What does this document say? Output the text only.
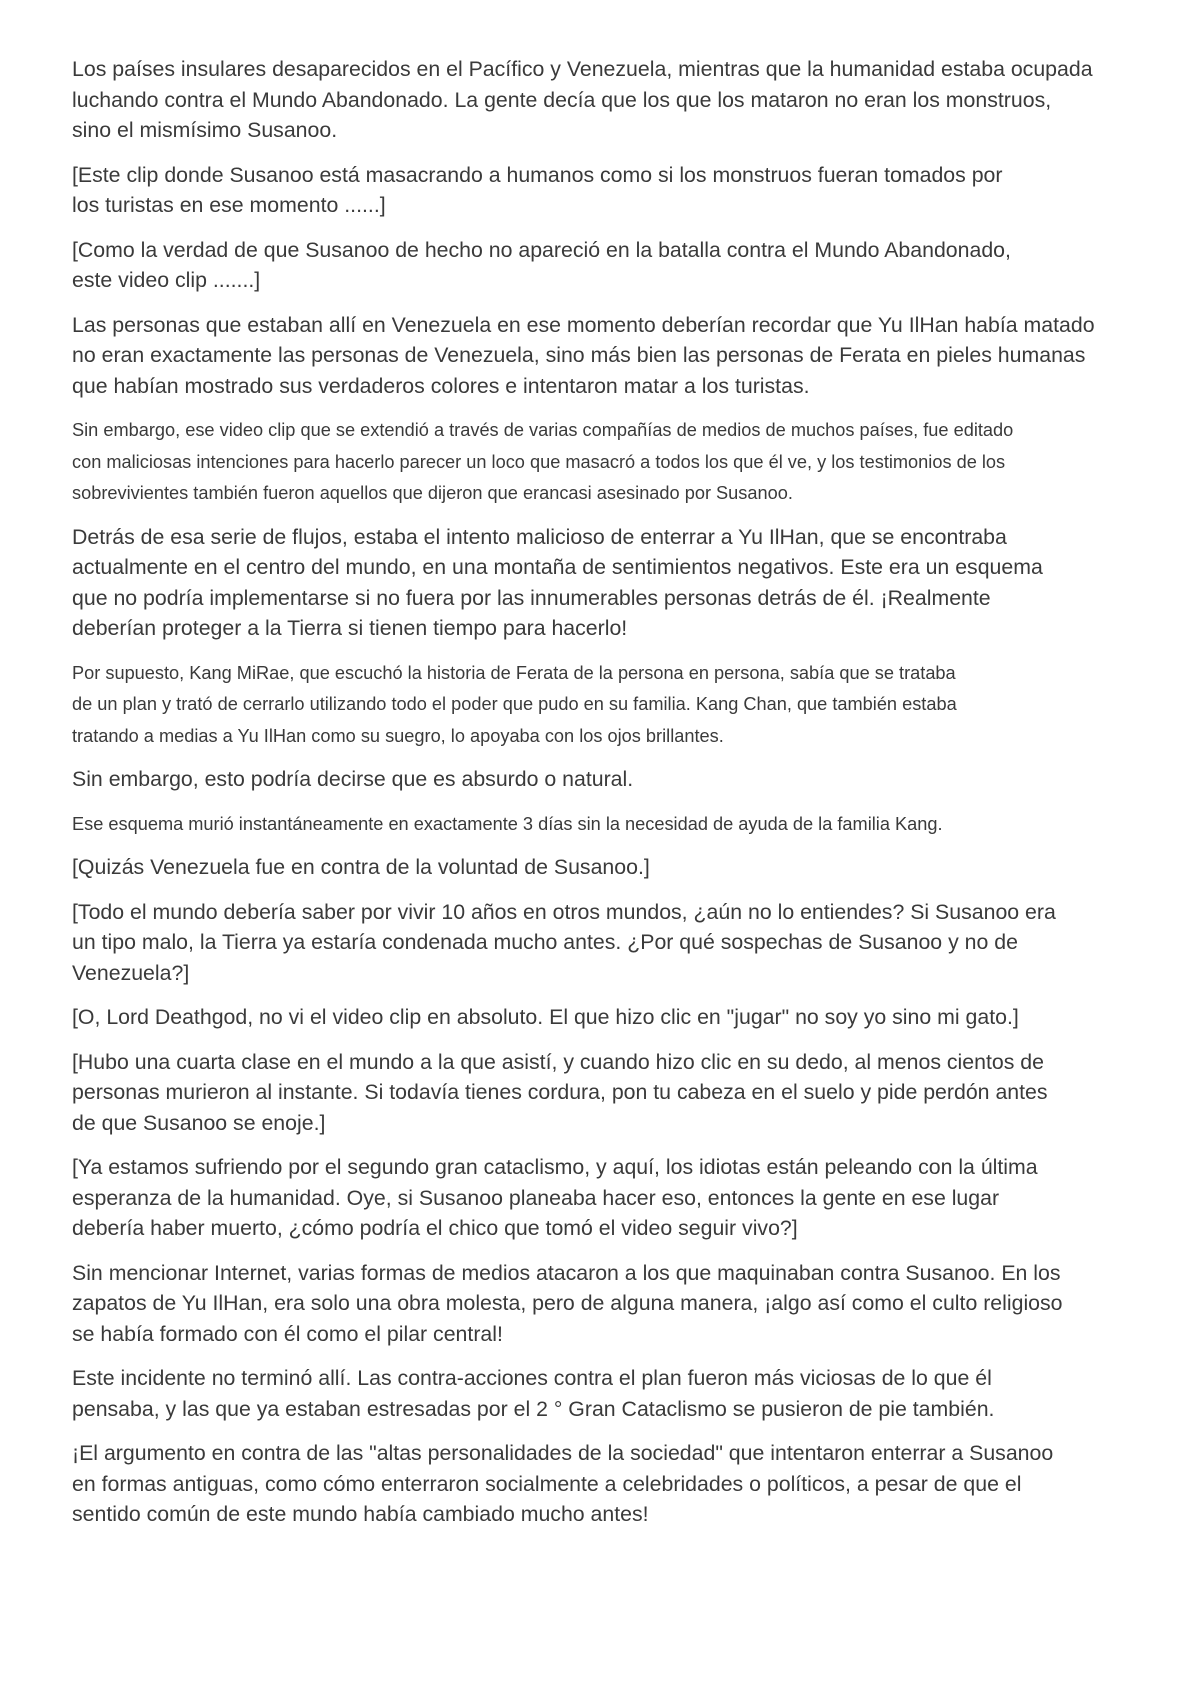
Los países insulares desaparecidos en el Pacífico y Venezuela, mientras que la humanidad estaba ocupada
luchando contra el Mundo Abandonado. La gente decía que los que los mataron no eran los monstruos,
sino el mismísimo Susanoo.

[Este clip donde Susanoo está masacrando a humanos como si los monstruos fueran tomados por
los turistas en ese momento ......]

[Como la verdad de que Susanoo de hecho no apareció en la batalla contra el Mundo Abandonado,
este video clip .......]

Las personas que estaban allí en Venezuela en ese momento deberían recordar que Yu IlHan había matado
no eran exactamente las personas de Venezuela, sino más bien las personas de Ferata en pieles humanas
que habían mostrado sus verdaderos colores e intentaron matar a los turistas.

Sin embargo, ese video clip que se extendió a través de varias compañías de medios de muchos países, fue editado
con maliciosas intenciones para hacerlo parecer un loco que masacró a todos los que él ve, y los testimonios de los
sobrevivientes también fueron aquellos que dijeron que erancasi asesinado por Susanoo.

Detrás de esa serie de flujos, estaba el intento malicioso de enterrar a Yu IlHan, que se encontraba
actualmente en el centro del mundo, en una montaña de sentimientos negativos. Este era un esquema
que no podría implementarse si no fuera por las innumerables personas detrás de él. ¡Realmente
deberían proteger a la Tierra si tienen tiempo para hacerlo!

Por supuesto, Kang MiRae, que escuchó la historia de Ferata de la persona en persona, sabía que se trataba
de un plan y trató de cerrarlo utilizando todo el poder que pudo en su familia. Kang Chan, que también estaba
tratando a medias a Yu IlHan como su suegro, lo apoyaba con los ojos brillantes.

Sin embargo, esto podría decirse que es absurdo o natural.

Ese esquema murió instantáneamente en exactamente 3 días sin la necesidad de ayuda de la familia Kang.

[Quizás Venezuela fue en contra de la voluntad de Susanoo.]

[Todo el mundo debería saber por vivir 10 años en otros mundos, ¿aún no lo entiendes? Si Susanoo era
un tipo malo, la Tierra ya estaría condenada mucho antes. ¿Por qué sospechas de Susanoo y no de
Venezuela?]

[O, Lord Deathgod, no vi el video clip en absoluto. El que hizo clic en "jugar" no soy yo sino mi gato.]

[Hubo una cuarta clase en el mundo a la que asistí, y cuando hizo clic en su dedo, al menos cientos de
personas murieron al instante. Si todavía tienes cordura, pon tu cabeza en el suelo y pide perdón antes
de que Susanoo se enoje.]

[Ya estamos sufriendo por el segundo gran cataclismo, y aquí, los idiotas están peleando con la última
esperanza de la humanidad. Oye, si Susanoo planeaba hacer eso, entonces la gente en ese lugar
debería haber muerto, ¿cómo podría el chico que tomó el video seguir vivo?]

Sin mencionar Internet, varias formas de medios atacaron a los que maquinaban contra Susanoo. En los
zapatos de Yu IlHan, era solo una obra molesta, pero de alguna manera, ¡algo así como el culto religioso
se había formado con él como el pilar central!

Este incidente no terminó allí. Las contra-acciones contra el plan fueron más viciosas de lo que él
pensaba, y las que ya estaban estresadas por el 2 ° Gran Cataclismo se pusieron de pie también.

¡El argumento en contra de las "altas personalidades de la sociedad" que intentaron enterrar a Susanoo
en formas antiguas, como cómo enterraron socialmente a celebridades o políticos, a pesar de que el
sentido común de este mundo había cambiado mucho antes!
